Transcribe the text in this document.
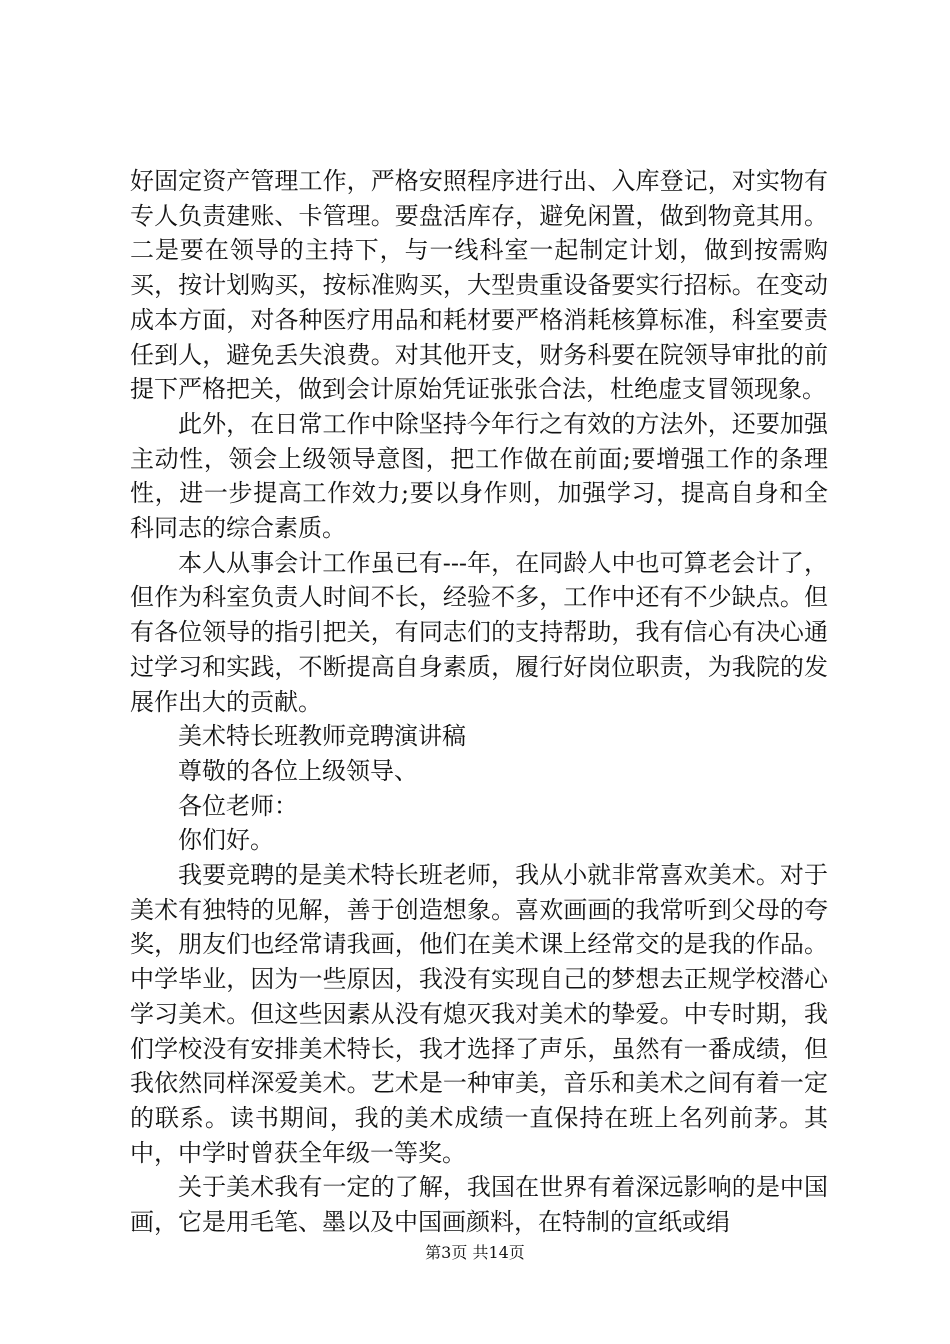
好固定资产管理工作，严格安照程序进行出、入库登记，对实物有专人负责建账、卡管理。要盘活库存，避免闲置，做到物竟其用。二是要在领导的主持下，与一线科室一起制定计划，做到按需购买，按计划购买，按标准购买，大型贵重设备要实行招标。在变动成本方面，对各种医疗用品和耗材要严格消耗核算标准，科室要责任到人，避免丢失浪费。对其他开支，财务科要在院领导审批的前提下严格把关，做到会计原始凭证张张合法，杜绝虚支冒领现象。

此外，在日常工作中除坚持今年行之有效的方法外，还要加强主动性，领会上级领导意图，把工作做在前面;要增强工作的条理性，进一步提高工作效力;要以身作则，加强学习，提高自身和全科同志的综合素质。

本人从事会计工作虽已有---年，在同龄人中也可算老会计了，但作为科室负责人时间不长，经验不多，工作中还有不少缺点。但有各位领导的指引把关，有同志们的支持帮助，我有信心有决心通过学习和实践，不断提高自身素质，履行好岗位职责，为我院的发展作出大的贡献。

美术特长班教师竞聘演讲稿

尊敬的各位上级领导、

各位老师：

你们好。

我要竞聘的是美术特长班老师，我从小就非常喜欢美术。对于美术有独特的见解，善于创造想象。喜欢画画的我常听到父母的夸奖，朋友们也经常请我画，他们在美术课上经常交的是我的作品。中学毕业，因为一些原因，我没有实现自己的梦想去正规学校潜心学习美术。但这些因素从没有熄灭我对美术的挚爱。中专时期，我们学校没有安排美术特长，我才选择了声乐，虽然有一番成绩，但我依然同样深爱美术。艺术是一种审美，音乐和美术之间有着一定的联系。读书期间，我的美术成绩一直保持在班上名列前茅。其中，中学时曾获全年级一等奖。

关于美术我有一定的了解，我国在世界有着深远影响的是中国画，它是用毛笔、墨以及中国画颜料，在特制的宣纸或绢

第3页 共14页
